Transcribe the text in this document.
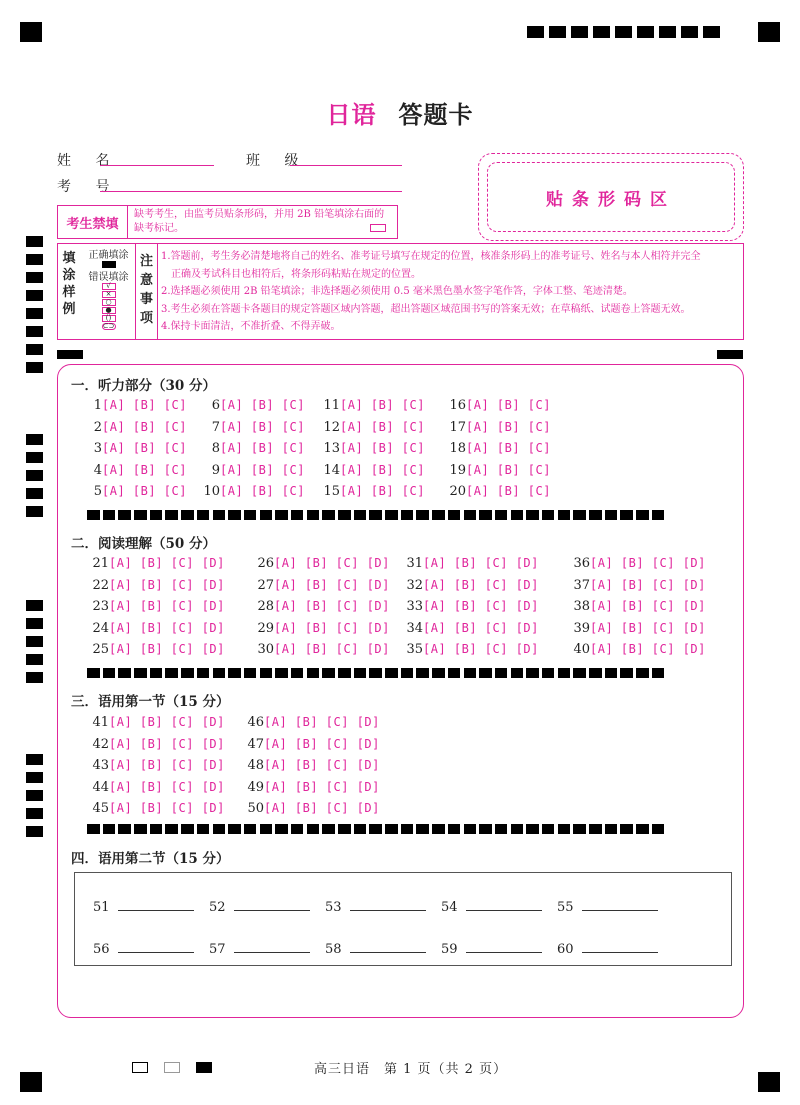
日语 答题卡
姓 名	班 级
考 号
贴条形码区
考生禁填
缺考考生，由监考员贴条形码，并用 2B 铅笔填涂右面的缺考标记。
填
涂
样
例
正确填涂
错误填涂
√
×
○
●
()
⊂⊃
注
意
事
项
1.答题前，考生务必清楚地将自己的姓名、准考证号填写在规定的位置，核准条形码上的准考证号、姓名与本人相符并完全
　正确及考试科目也相符后，将条形码粘贴在规定的位置。
2.选择题必须使用 2B 铅笔填涂；非选择题必须使用 0.5 毫米黑色墨水签字笔作答，字体工整、笔迹清楚。
3.考生必须在答题卡各题目的规定答题区域内答题，超出答题区域范围书写的答案无效；在草稿纸、试题卷上答题无效。
4.保持卡面清洁，不准折叠、不得弄破。
一．听力部分（30 分）
1[A] [B] [C]	6[A] [B] [C] 11[A] [B] [C] 16[A] [B] [C]
2[A] [B] [C]	7[A] [B] [C] 12[A] [B] [C] 17[A] [B] [C]
3[A] [B] [C]	8[A] [B] [C] 13[A] [B] [C] 18[A] [B] [C]
4[A] [B] [C]	9[A] [B] [C] 14[A] [B] [C] 19[A] [B] [C]
5[A] [B] [C] 10[A] [B] [C] 15[A] [B] [C] 20[A] [B] [C]
二．阅读理解（50 分）
21[A] [B] [C] [D]	26[A] [B] [C] [D]	31[A] [B] [C] [D]	36[A] [B] [C] [D]
22[A] [B] [C] [D]	27[A] [B] [C] [D]	32[A] [B] [C] [D]	37[A] [B] [C] [D]
23[A] [B] [C] [D]	28[A] [B] [C] [D]	33[A] [B] [C] [D]	38[A] [B] [C] [D]
24[A] [B] [C] [D]	29[A] [B] [C] [D]	34[A] [B] [C] [D]	39[A] [B] [C] [D]
25[A] [B] [C] [D]	30[A] [B] [C] [D]	35[A] [B] [C] [D]	40[A] [B] [C] [D]
三．语用第一节（15 分）
41[A] [B] [C] [D]	46[A] [B] [C] [D]
42[A] [B] [C] [D]	47[A] [B] [C] [D]
43[A] [B] [C] [D]	48[A] [B] [C] [D]
44[A] [B] [C] [D]	49[A] [B] [C] [D]
45[A] [B] [C] [D]	50[A] [B] [C] [D]
四．语用第二节（15 分）
51	52	53	54	55
56	57	58	59	60
高三日语　第 1 页（共 2 页）
